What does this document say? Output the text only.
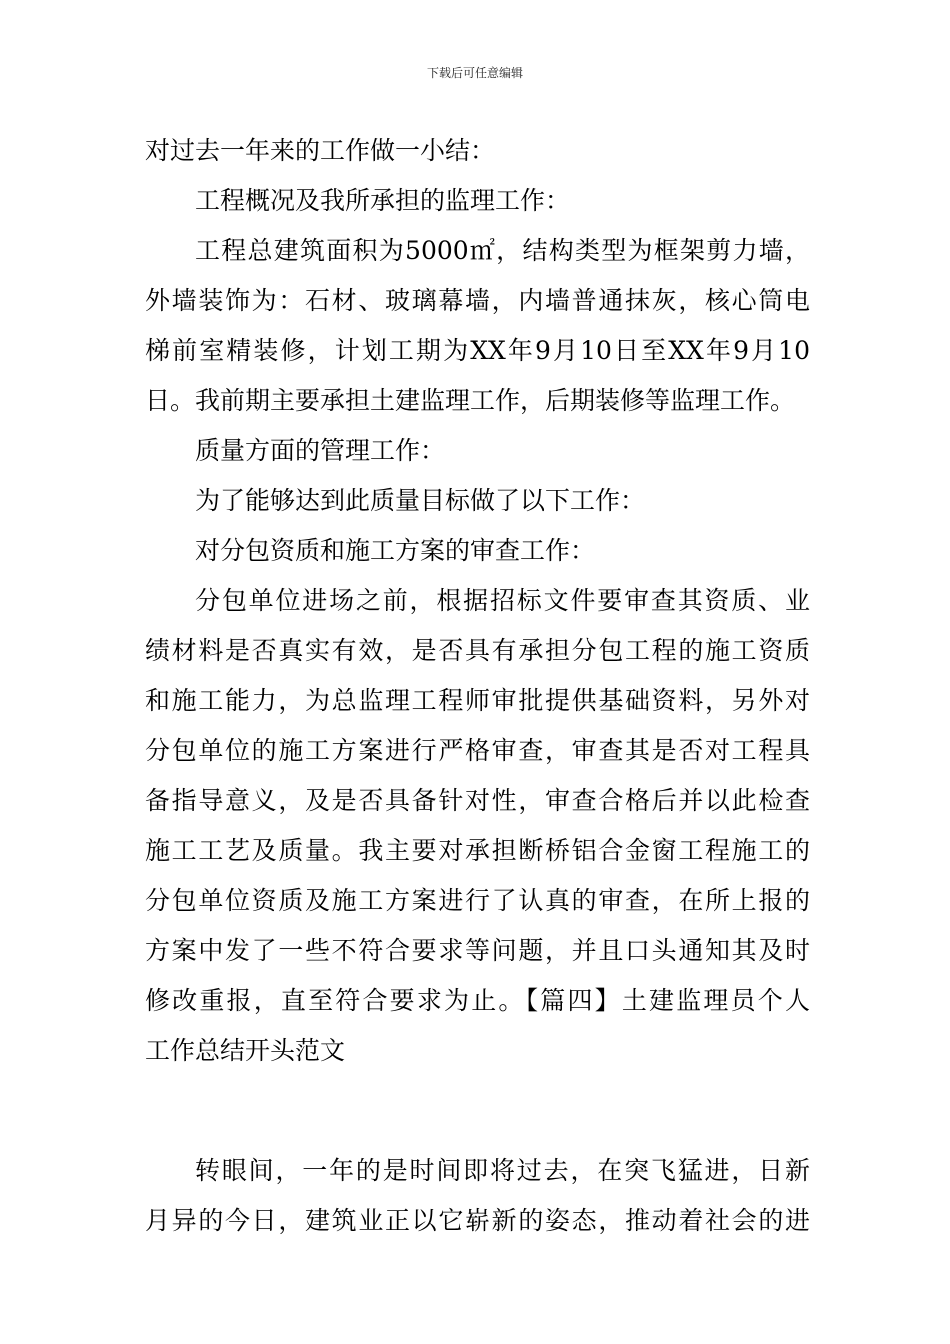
下载后可任意编辑
对过去一年来的工作做一小结：
工程概况及我所承担的监理工作：
工程总建筑面积为5000㎡，结构类型为框架剪力墙，
外墙装饰为：石材、玻璃幕墙，内墙普通抹灰，核心筒电
梯前室精装修，计划工期为XX年9月10日至XX年9月10
日。我前期主要承担土建监理工作，后期装修等监理工作。
质量方面的管理工作：
为了能够达到此质量目标做了以下工作：
对分包资质和施工方案的审查工作：
分包单位进场之前，根据招标文件要审查其资质、业
绩材料是否真实有效，是否具有承担分包工程的施工资质
和施工能力，为总监理工程师审批提供基础资料，另外对
分包单位的施工方案进行严格审查，审查其是否对工程具
备指导意义，及是否具备针对性，审查合格后并以此检查
施工工艺及质量。我主要对承担断桥铝合金窗工程施工的
分包单位资质及施工方案进行了认真的审查，在所上报的
方案中发了一些不符合要求等问题，并且口头通知其及时
修改重报，直至符合要求为止。【篇四】土建监理员个人
工作总结开头范文
转眼间，一年的是时间即将过去，在突飞猛进，日新
月异的今日，建筑业正以它崭新的姿态，推动着社会的进
